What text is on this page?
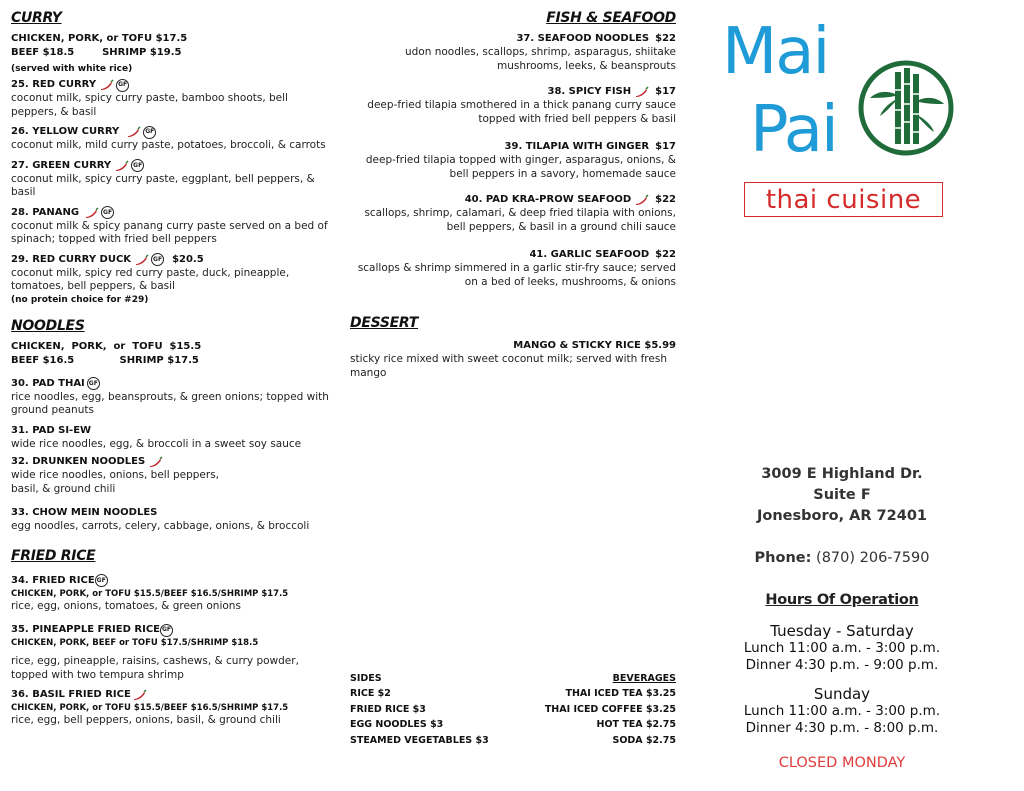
CURRY
CHICKEN, PORK, or TOFU $17.5
BEEF $18.5        SHRIMP $19.5
(served with white rice)
25. RED CURRY	GF
coconut milk, spicy curry paste, bamboo shoots, bell peppers, & basil
26. YELLOW CURRY	GF
coconut milk, mild curry paste, potatoes, broccoli, & carrots
27. GREEN CURRY	GF
coconut milk, spicy curry paste, eggplant, bell peppers, & basil
28. PANANG	GF
coconut milk & spicy panang curry paste served on a bed of spinach; topped with fried bell peppers
29. RED CURRY DUCK	GF $20.5
coconut milk, spicy red curry paste, duck, pineapple, tomatoes, bell peppers, & basil
(no protein choice for #29)
NOODLES
CHICKEN,  PORK,  or  TOFU  $15.5
BEEF $16.5             SHRIMP $17.5
30. PAD THAI GF
rice noodles, egg, beansprouts, & green onions; topped with ground peanuts
31. PAD SI-EW
wide rice noodles, egg, & broccoli in a sweet soy sauce
32. DRUNKEN NOODLES
wide rice noodles, onions, bell peppers, basil, & ground chili
33. CHOW MEIN NOODLES
egg noodles, carrots, celery, cabbage, onions, & broccoli
FRIED RICE
34. FRIED RICE GF
CHICKEN, PORK, or TOFU $15.5/BEEF $16.5/SHRIMP $17.5
rice, egg, onions, tomatoes, & green onions
35. PINEAPPLE FRIED RICE GF
CHICKEN, PORK, BEEF or TOFU $17.5/SHRIMP $18.5
rice, egg, pineapple, raisins, cashews, & curry powder, topped with two tempura shrimp
36. BASIL FRIED RICE
CHICKEN, PORK, or TOFU $15.5/BEEF $16.5/SHRIMP $17.5
rice, egg, bell peppers, onions, basil, & ground chili
FISH & SEAFOOD
37. SEAFOOD NOODLES $22
udon noodles, scallops, shrimp, asparagus, shiitake mushrooms, leeks, & beansprouts
38. SPICY FISH $17
deep-fried tilapia smothered in a thick panang curry sauce topped with fried bell peppers & basil
39. TILAPIA WITH GINGER $17
deep-fried tilapia topped with ginger, asparagus, onions, & bell peppers in a savory, homemade sauce
40. PAD KRA-PROW SEAFOOD $22
scallops, shrimp, calamari, & deep fried tilapia with onions, bell peppers, & basil in a ground chili sauce
41. GARLIC SEAFOOD $22
scallops & shrimp simmered in a garlic stir-fry sauce; served on a bed of leeks, mushrooms, & onions
DESSERT
MANGO & STICKY RICE $5.99
sticky rice mixed with sweet coconut milk; served with fresh mango
SIDES
RICE $2
FRIED RICE $3
EGG NOODLES $3
STEAMED VEGETABLES $3
BEVERAGES
THAI ICED TEA $3.25
THAI ICED COFFEE $3.25
HOT TEA $2.75
SODA $2.75
Mai
Pai
thai cuisine
3009 E Highland Dr.
Suite F
Jonesboro, AR 72401
Phone: (870) 206-7590
Hours Of Operation
Tuesday - Saturday
Lunch 11:00 a.m. - 3:00 p.m.
Dinner 4:30 p.m. - 9:00 p.m.
Sunday
Lunch 11:00 a.m. - 3:00 p.m.
Dinner 4:30 p.m. - 8:00 p.m.
CLOSED MONDAY
